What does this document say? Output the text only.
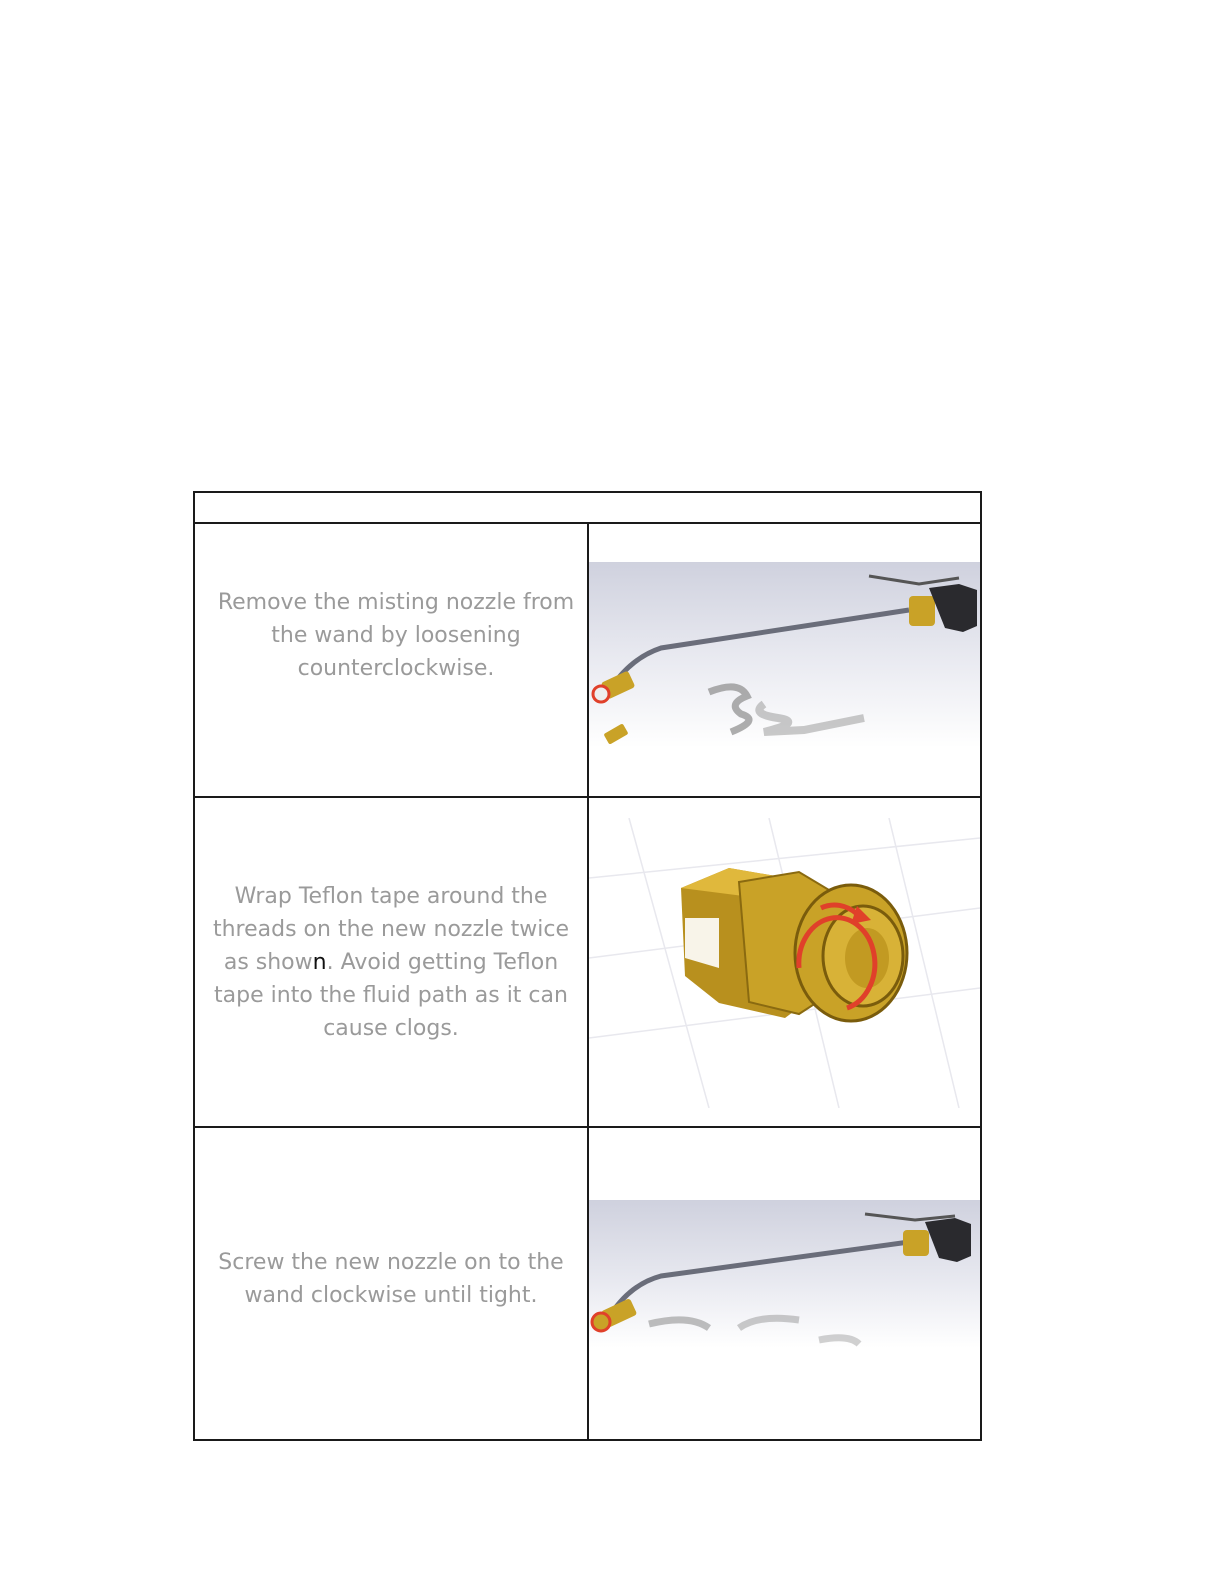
Remove the misting nozzle from the wand by loosening counterclockwise.

Wrap Teflon tape around the threads on the new nozzle twice as shown. Avoid getting Teflon tape into the fluid path as it can cause clogs.

Screw the new nozzle on to the wand clockwise until tight.
